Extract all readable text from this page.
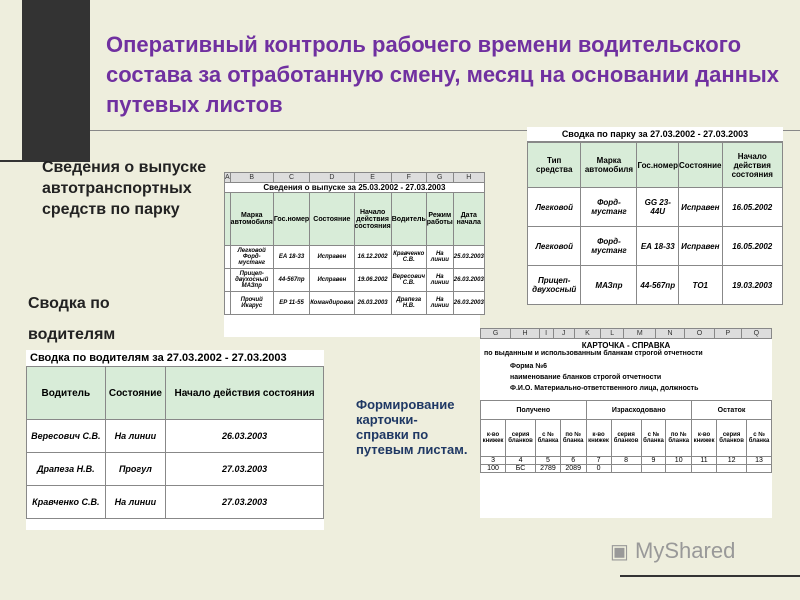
Оперативный контроль рабочего времени водительского состава за отработанную смену, месяц на основании данных путевых листов
Сведения о выпуске автотранспортных средств по парку
Сводка по водителям
Формирование карточки-справки по путевым листам.
Сводка по парку за 27.03.2002 - 27.03.2003
Тип средства	Марка автомобиля	Гос.номер	Состояние	Начало действия состояния
Легковой	Форд-мустанг	GG 23-44U	Исправен	16.05.2002
Легковой	Форд-мустанг	ЕА 18-33	Исправен	16.05.2002
Прицеп-двухосный	МАЗпр	44-567пр	ТО1	19.03.2003
A	B	C	D	E	F	G	H
Сведения о выпуске за 25.03.2002 - 27.03.2003							
	Марка автомобиля	Гос.номер	Состояние	Начало действия состояния	Водитель	Режим работы	Дата начала
	Легковой Форд-мустанг	ЕА 18-33	Исправен	16.12.2002	Кравченко С.В.	На линии	25.03.2003
	Прицеп-двухосный МАЗпр	44-567пр	Исправен	19.06.2002	Вересович С.В.	На линии	26.03.2003
	Прочий Икарус	ЕР 11-55	Командировка	26.03.2003	Драпеза Н.В.	На линии	26.03.2003
Сводка по водителям за 27.03.2002 - 27.03.2003
Водитель	Состояние	Начало действия состояния
Вересович С.В.	На линии	26.03.2003
Драпеза Н.В.	Прогул	27.03.2003
Кравченко С.В.	На линии	27.03.2003
G	H	I	J	K	L	M	N	O	P	Q
КАРТОЧКА - СПРАВКА
по выданным и использованным бланкам строгой отчетности
Форма №6
наименование бланков строгой отчетности
Ф.И.О. Материально-ответственного лица, должность
Получено				Израсходовано				Остаток		
к-во книжек	серия бланков	с № бланка	по № бланка	к-во книжек	серия бланков	с № бланка	по № бланка	к-во книжек	серия бланков	с № бланка
3	4	5	6	7	8	9	10	11	12	13
100	БС	2789	2089	0						
▣ MyShared
